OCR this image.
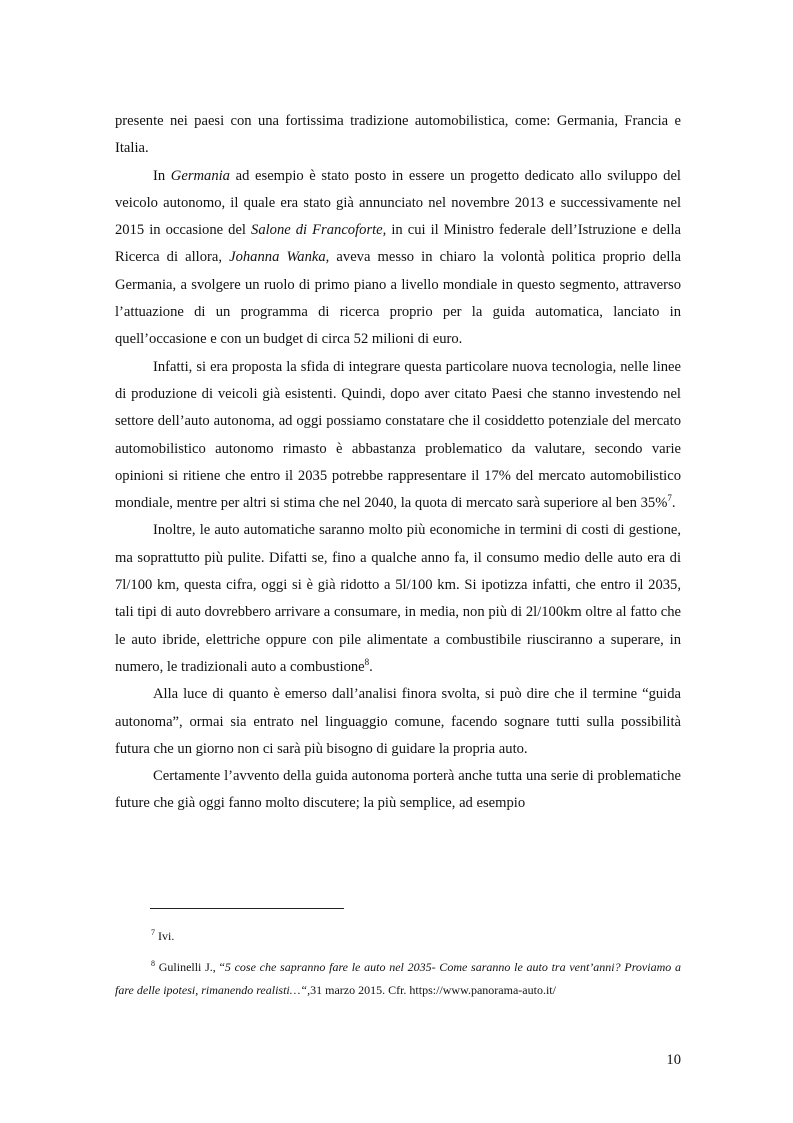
presente nei paesi con una fortissima tradizione automobilistica, come: Germania, Francia e Italia.

In Germania ad esempio è stato posto in essere un progetto dedicato allo sviluppo del veicolo autonomo, il quale era stato già annunciato nel novembre 2013 e successivamente nel 2015 in occasione del Salone di Francoforte, in cui il Ministro federale dell’Istruzione e della Ricerca di allora, Johanna Wanka, aveva messo in chiaro la volontà politica proprio della Germania, a svolgere un ruolo di primo piano a livello mondiale in questo segmento, attraverso l’attuazione di un programma di ricerca proprio per la guida automatica, lanciato in quell’occasione e con un budget di circa 52 milioni di euro.

Infatti, si era proposta la sfida di integrare questa particolare nuova tecnologia, nelle linee di produzione di veicoli già esistenti. Quindi, dopo aver citato Paesi che stanno investendo nel settore dell’auto autonoma, ad oggi possiamo constatare che il cosiddetto potenziale del mercato automobilistico autonomo rimasto è abbastanza problematico da valutare, secondo varie opinioni si ritiene che entro il 2035 potrebbe rappresentare il 17% del mercato automobilistico mondiale, mentre per altri si stima che nel 2040, la quota di mercato sarà superiore al ben 35%$^7$.

Inoltre, le auto automatiche saranno molto più economiche in termini di costi di gestione, ma soprattutto più pulite. Difatti se, fino a qualche anno fa, il consumo medio delle auto era di 7l/100 km, questa cifra, oggi si è già ridotto a 5l/100 km. Si ipotizza infatti, che entro il 2035, tali tipi di auto dovrebbero arrivare a consumare, in media, non più di 2l/100km oltre al fatto che le auto ibride, elettriche oppure con pile alimentate a combustibile riusciranno a superare, in numero, le tradizionali auto a combustione$^8$.

Alla luce di quanto è emerso dall’analisi finora svolta, si può dire che il termine “guida autonoma”, ormai sia entrato nel linguaggio comune, facendo sognare tutti sulla possibilità futura che un giorno non ci sarà più bisogno di guidare la propria auto.

Certamente l’avvento della guida autonoma porterà anche tutta una serie di problematiche future che già oggi fanno molto discutere; la più semplice, ad esempio

$^7$ Ivi.

$^8$ Gulinelli J., “5 cose che sapranno fare le auto nel 2035- Come saranno le auto tra vent’anni? Proviamo a fare delle ipotesi, rimanendo realisti…“,31 marzo 2015. Cfr. https://www.panorama-auto.it/

10
